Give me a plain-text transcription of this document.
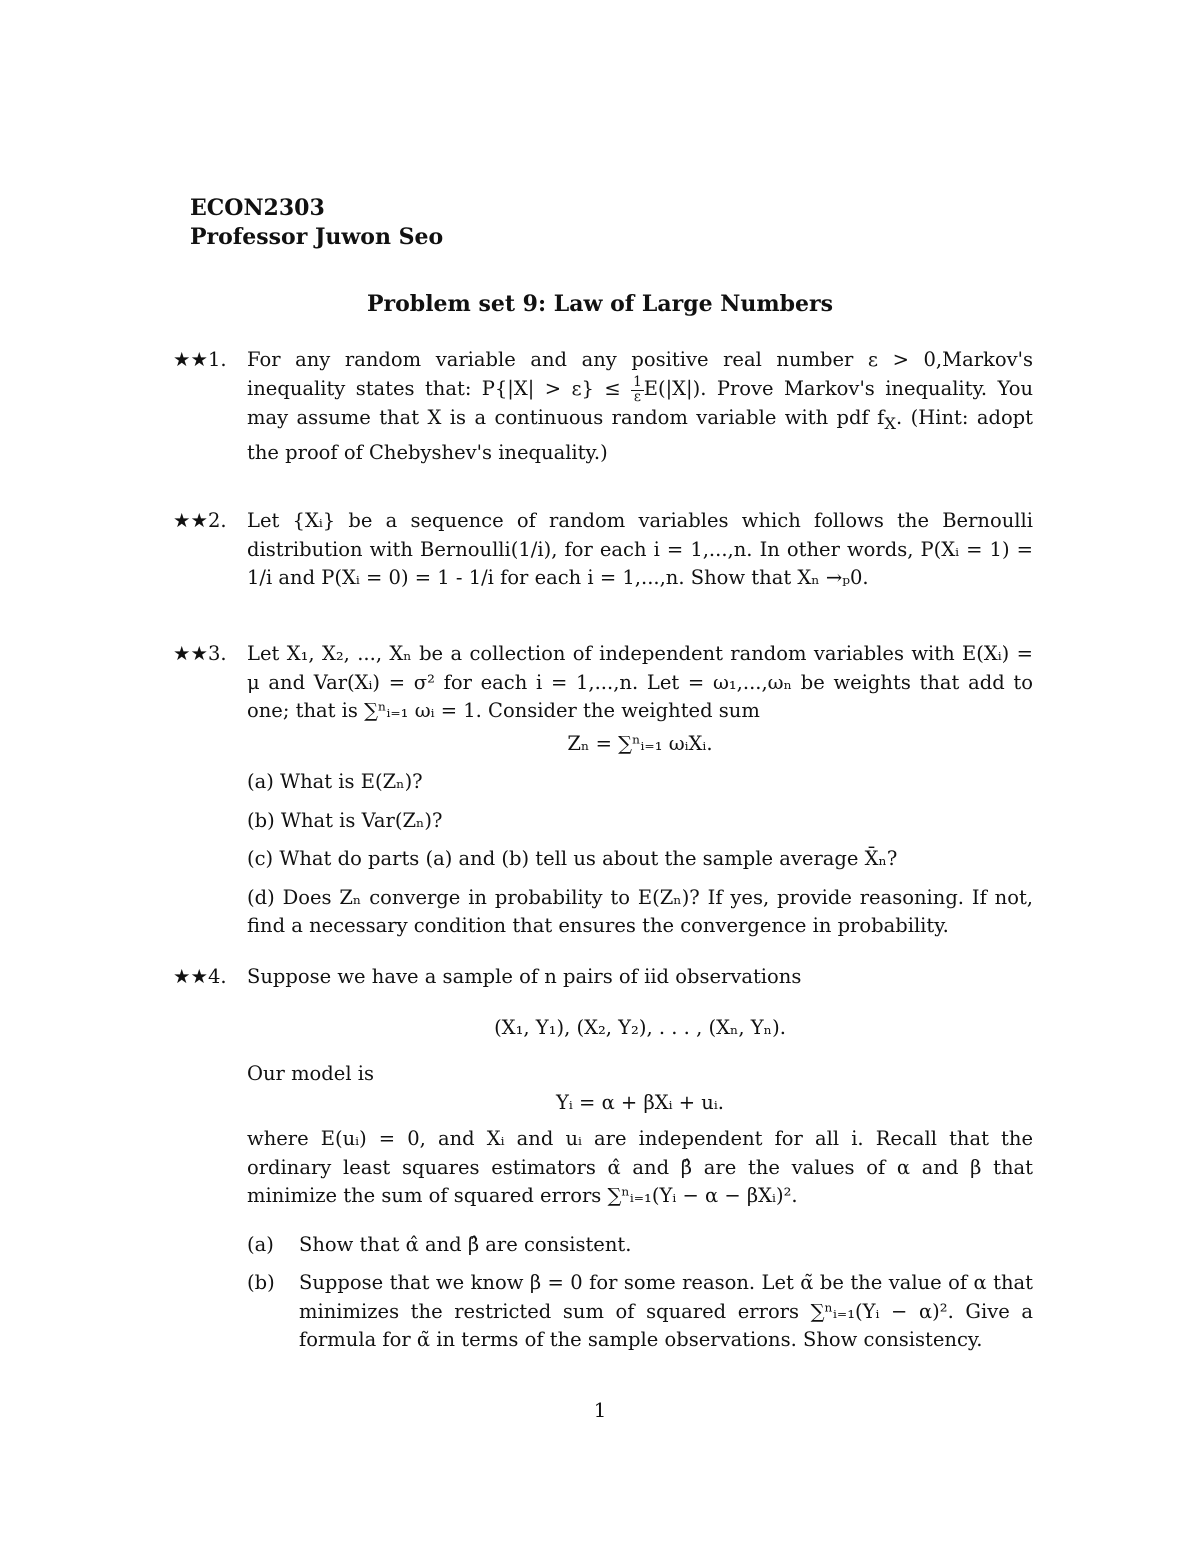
ECON2303
Professor Juwon Seo
Problem set 9: Law of Large Numbers
★★1.	For any random variable and any positive real number ε > 0,Markov's inequality states that: $P\{|X| > \varepsilon\} \le \frac{1}{\varepsilon} E(|X|)$. Prove Markov's inequality. You may assume that X is a continuous random variable with pdf $f_X$. (Hint: adopt the proof of Chebyshev's inequality.)
★★2.	Let {Xᵢ} be a sequence of random variables which follows the Bernoulli distribution with Bernoulli(1/i), for each i = 1,...,n. In other words, P(Xᵢ = 1) = 1/i and P(Xᵢ = 0) = 1 - 1/i for each i = 1,...,n. Show that Xₙ →ₚ0.
★★3.	Let X₁, X₂, ..., Xₙ be a collection of independent random variables with E(Xᵢ) = μ and Var(Xᵢ) = σ² for each i = 1,...,n. Let = ω₁,...,ωₙ be weights that add to one; that is ∑ⁿᵢ₌₁ ωᵢ = 1. Consider the weighted sum
Zₙ = ∑ⁿᵢ₌₁ ωᵢXᵢ.
(a) What is E(Zₙ)?
(b) What is Var(Zₙ)?
(c) What do parts (a) and (b) tell us about the sample average X̄ₙ?
(d) Does Zₙ converge in probability to E(Zₙ)? If yes, provide reasoning. If not, find a necessary condition that ensures the convergence in probability.
★★4.	Suppose we have a sample of n pairs of iid observations
(X₁, Y₁), (X₂, Y₂), . . . , (Xₙ, Yₙ).
Our model is
Yᵢ = α + βXᵢ + uᵢ.
where E(uᵢ) = 0, and Xᵢ and uᵢ are independent for all i. Recall that the ordinary least squares estimators α̂ and β̂ are the values of α and β that minimize the sum of squared errors ∑ⁿᵢ₌₁(Yᵢ − α − βXᵢ)².
(a)	Show that α̂ and β̂ are consistent.
(b)	Suppose that we know β = 0 for some reason. Let α̃ be the value of α that minimizes the restricted sum of squared errors ∑ⁿᵢ₌₁(Yᵢ − α)². Give a formula for α̃ in terms of the sample observations. Show consistency.
1
